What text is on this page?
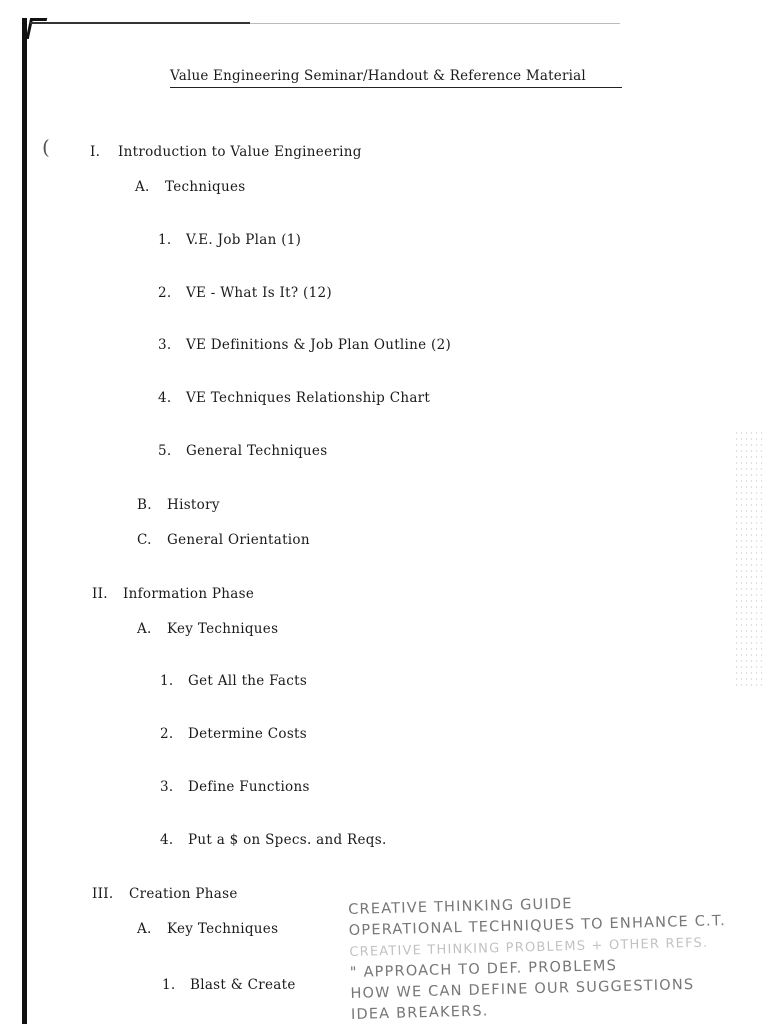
(
Value Engineering Seminar/Handout & Reference Material
I. Introduction to Value Engineering
A. Techniques
1. V.E. Job Plan (1)
2. VE - What Is It? (12)
3. VE Definitions & Job Plan Outline (2)
4. VE Techniques Relationship Chart
5. General Techniques
B. History
C. General Orientation
II. Information Phase
A. Key Techniques
1. Get All the Facts
2. Determine Costs
3. Define Functions
4. Put a $ on Specs. and Reqs.
III. Creation Phase
A. Key Techniques
1. Blast & Create
CREATIVE THINKING GUIDE
OPERATIONAL TECHNIQUES TO ENHANCE C.T.
CREATIVE THINKING PROBLEMS + OTHER REFS.
" APPROACH TO DEF. PROBLEMS
HOW WE CAN DEFINE OUR SUGGESTIONS
IDEA BREAKERS.
